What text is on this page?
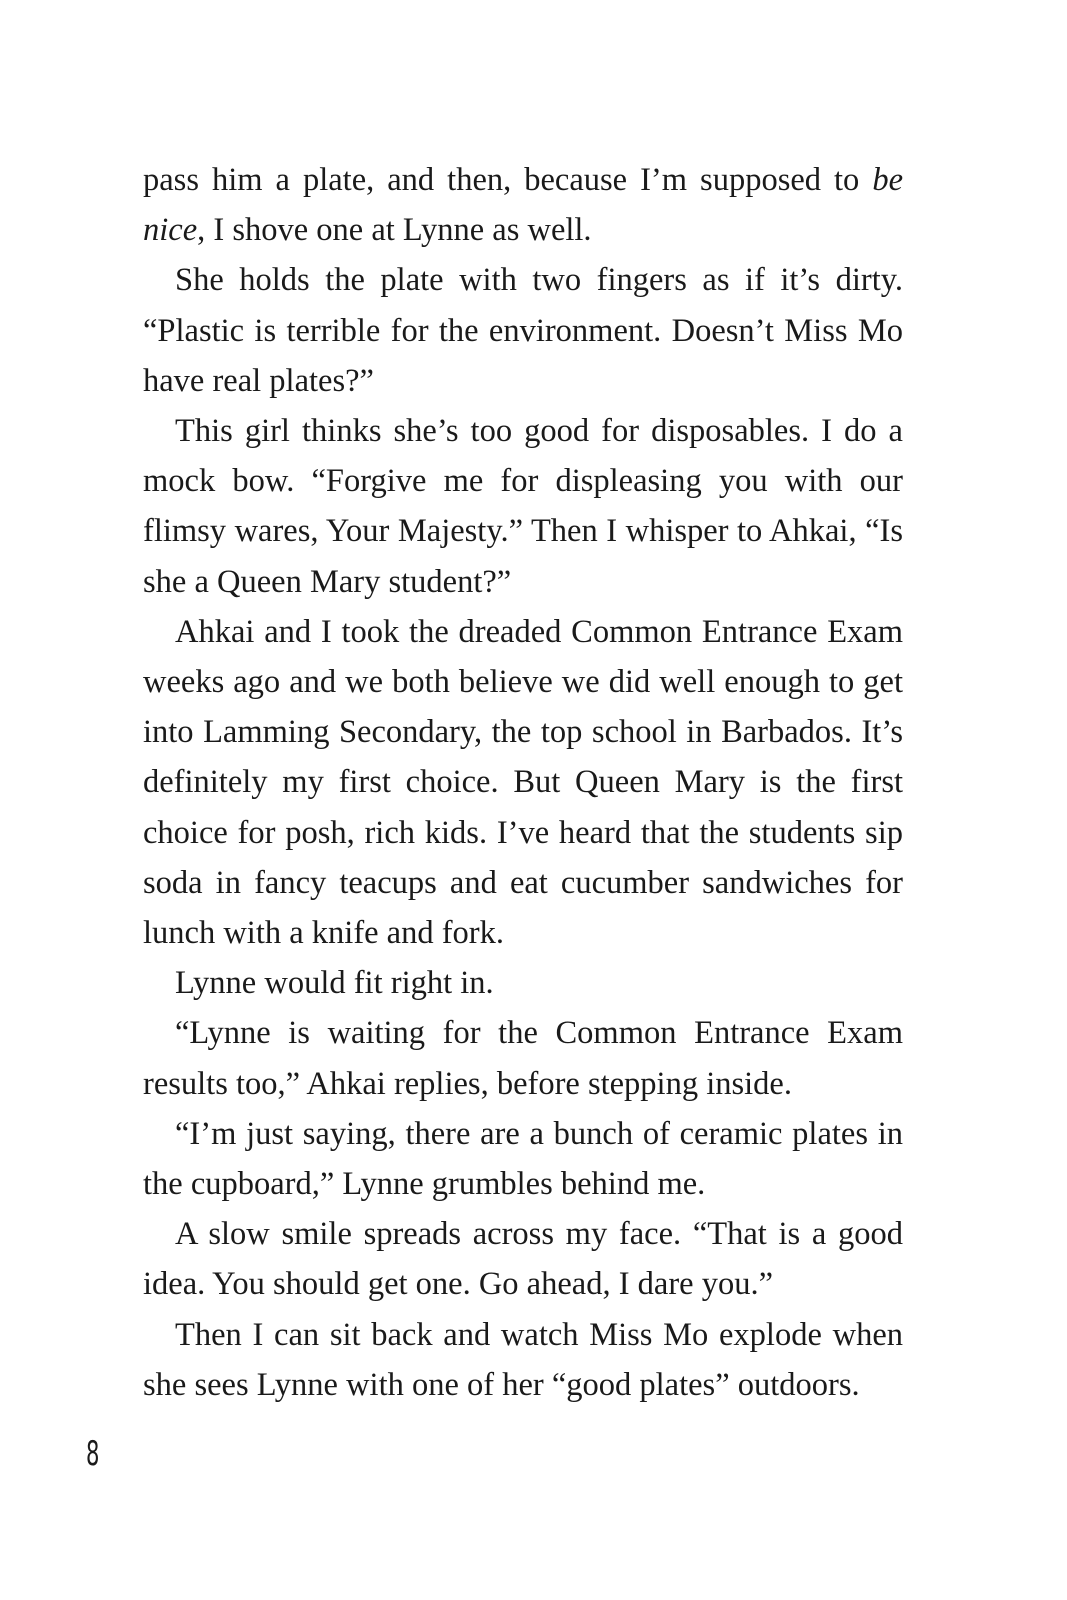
pass him a plate, and then, because I’m supposed to be nice, I shove one at Lynne as well.

She holds the plate with two fingers as if it’s dirty. “Plastic is terrible for the environment. Doesn’t Miss Mo have real plates?”

This girl thinks she’s too good for disposables. I do a mock bow. “Forgive me for displeasing you with our flimsy wares, Your Majesty.” Then I whisper to Ahkai, “Is she a Queen Mary student?”

Ahkai and I took the dreaded Common Entrance Exam weeks ago and we both believe we did well enough to get into Lamming Secondary, the top school in Barbados. It’s definitely my first choice. But Queen Mary is the first choice for posh, rich kids. I’ve heard that the students sip soda in fancy teacups and eat cucumber sandwiches for lunch with a knife and fork.

Lynne would fit right in.

“Lynne is waiting for the Common Entrance Exam results too,” Ahkai replies, before stepping inside.

“I’m just saying, there are a bunch of ceramic plates in the cupboard,” Lynne grumbles behind me.

A slow smile spreads across my face. “That is a good idea. You should get one. Go ahead, I dare you.”

Then I can sit back and watch Miss Mo explode when she sees Lynne with one of her “good plates” outdoors.

8
